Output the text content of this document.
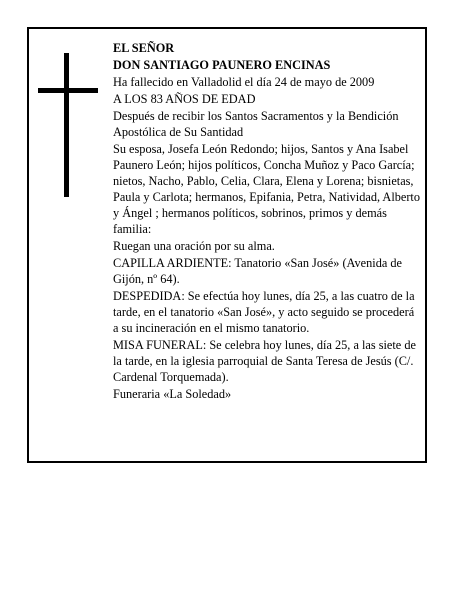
EL SEÑOR

DON SANTIAGO PAUNERO ENCINAS

Ha fallecido en Valladolid el día 24 de mayo de 2009

A LOS 83 AÑOS DE EDAD

Después de recibir los Santos Sacramentos y la Bendición Apostólica de Su Santidad

Su esposa, Josefa León Redondo; hijos, Santos y Ana Isabel Paunero León; hijos políticos, Concha Muñoz y Paco García; nietos, Nacho, Pablo, Celia, Clara, Elena y Lorena; bisnietas, Paula y Carlota; hermanos, Epifania, Petra, Natividad, Alberto y Ángel ; hermanos políticos, sobrinos, primos y demás familia:

Ruegan una oración por su alma.

CAPILLA ARDIENTE: Tanatorio «San José» (Avenida de Gijón, nº 64).

DESPEDIDA: Se efectúa hoy lunes, día 25, a las cuatro de la tarde, en el tanatorio «San José», y acto seguido se procederá a su incineración en el mismo tanatorio.

MISA FUNERAL: Se celebra hoy lunes, día 25, a las siete de la tarde, en la iglesia parroquial de Santa Teresa de Jesús (C/. Cardenal Torquemada).

Funeraria «La Soledad»
